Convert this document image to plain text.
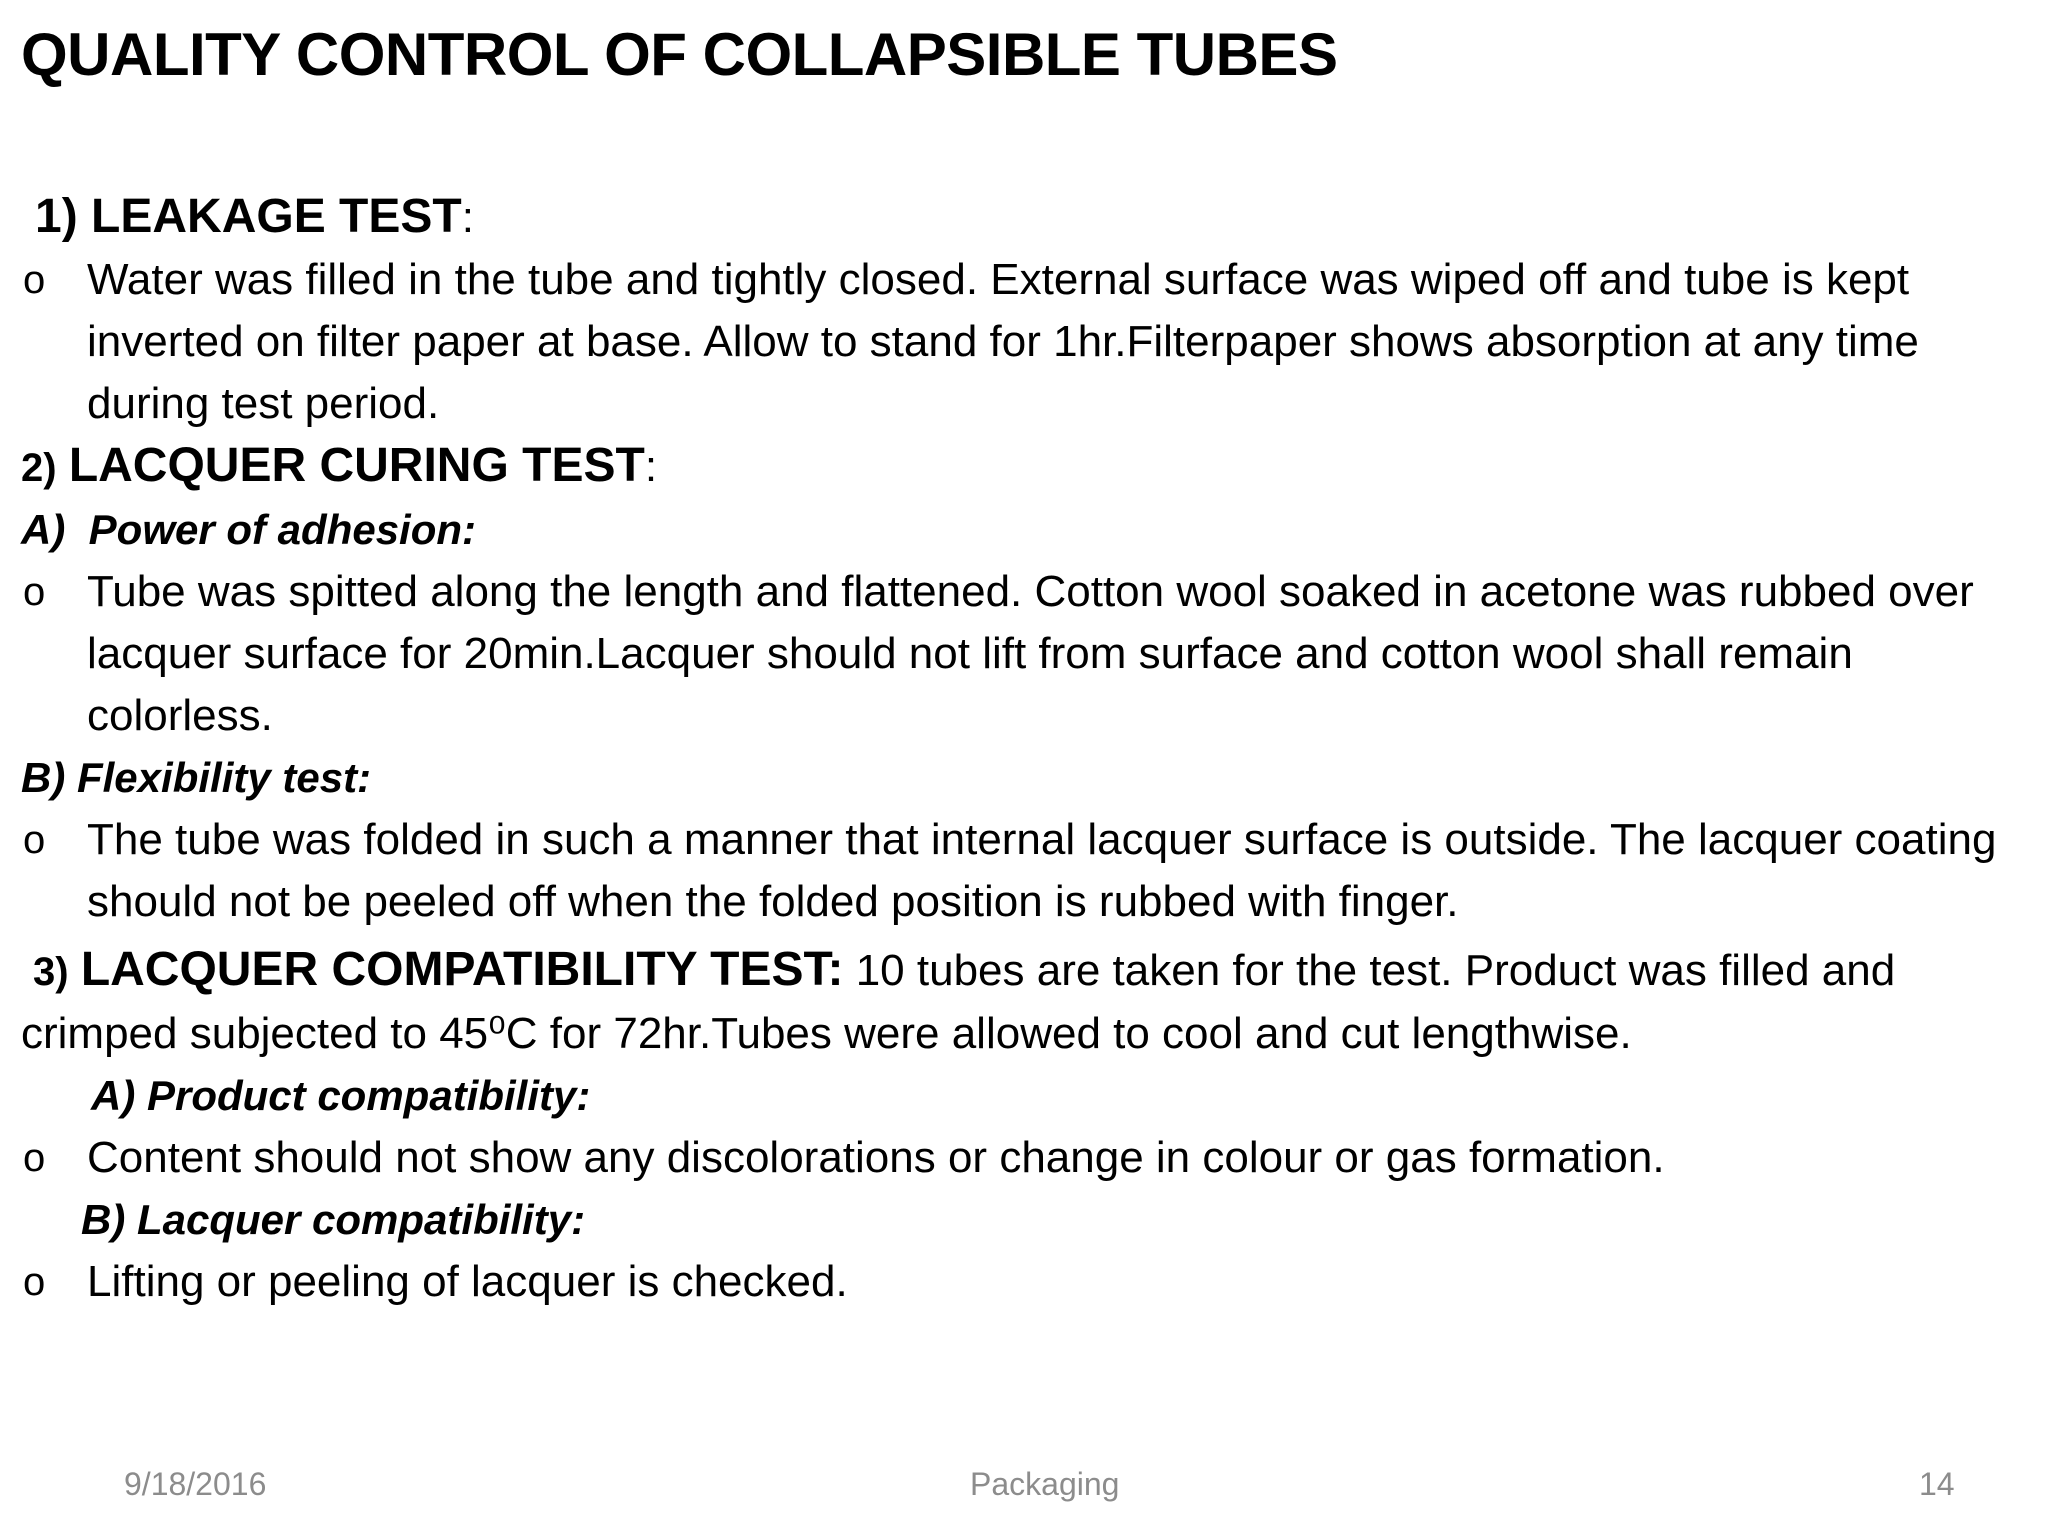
QUALITY CONTROL OF COLLAPSIBLE TUBES
1) LEAKAGE TEST:
o Water was filled in the tube and tightly closed. External surface was wiped off and tube is kept inverted on filter paper at base. Allow to stand for 1hr.Filterpaper shows absorption at any time during test period.
2) LACQUER CURING TEST:
A)  Power of adhesion:
o Tube was spitted along the length and flattened. Cotton wool soaked in acetone was rubbed over lacquer surface for 20min.Lacquer should not lift from surface and cotton wool shall remain colorless.
B) Flexibility test:
o The tube was folded in such a manner that internal lacquer surface is outside. The lacquer coating should not be peeled off when the folded position is rubbed with finger.
3) LACQUER COMPATIBILITY TEST: 10 tubes are taken for the test. Product was filled and crimped subjected to 45⁰C for 72hr.Tubes were allowed to cool and cut lengthwise.
A) Product compatibility:
o Content should not show any discolorations or change in colour or gas formation.
B) Lacquer compatibility:
o Lifting or peeling of lacquer is checked.
9/18/2016	Packaging	14
